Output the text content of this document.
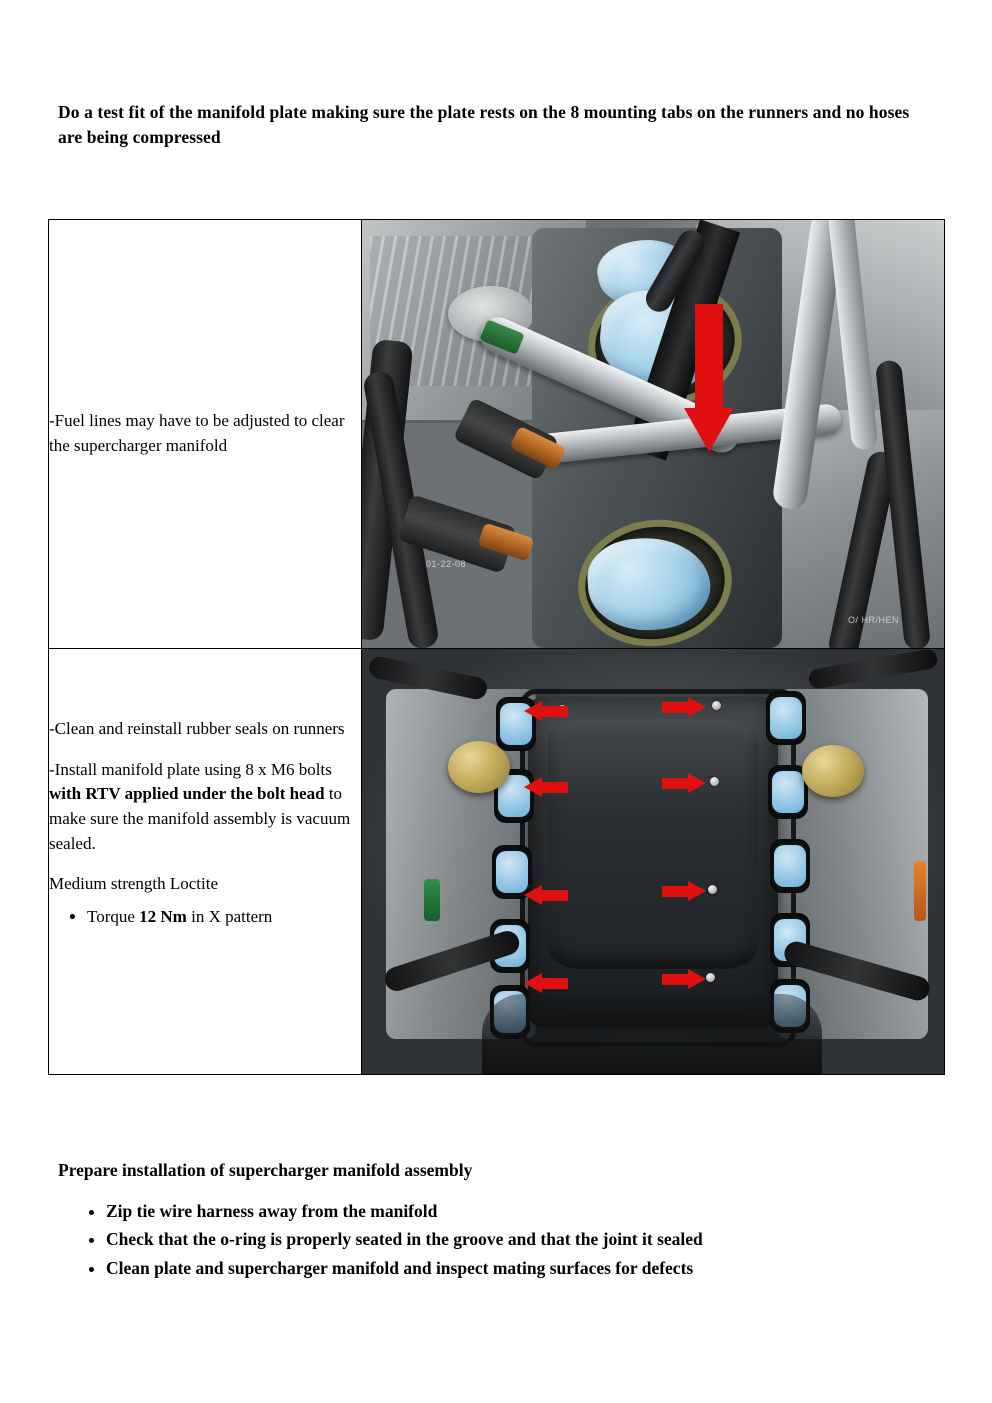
Do a test fit of the manifold plate making sure the plate rests on the 8 mounting tabs on the runners and no hoses are being compressed

-Fuel lines may have to be adjusted to clear the supercharger manifold	01-22-08

-Clean and reinstall rubber seals on runners

-Install manifold plate using 8 x M6 bolts with RTV applied under the bolt head to make sure the manifold assembly is vacuum sealed.

Medium strength Loctite

• Torque 12 Nm in X pattern

Prepare installation of supercharger manifold assembly
• Zip tie wire harness away from the manifold
• Check that the o-ring is properly seated in the groove and that the joint it sealed
• Clean plate and supercharger manifold and inspect mating surfaces for defects
